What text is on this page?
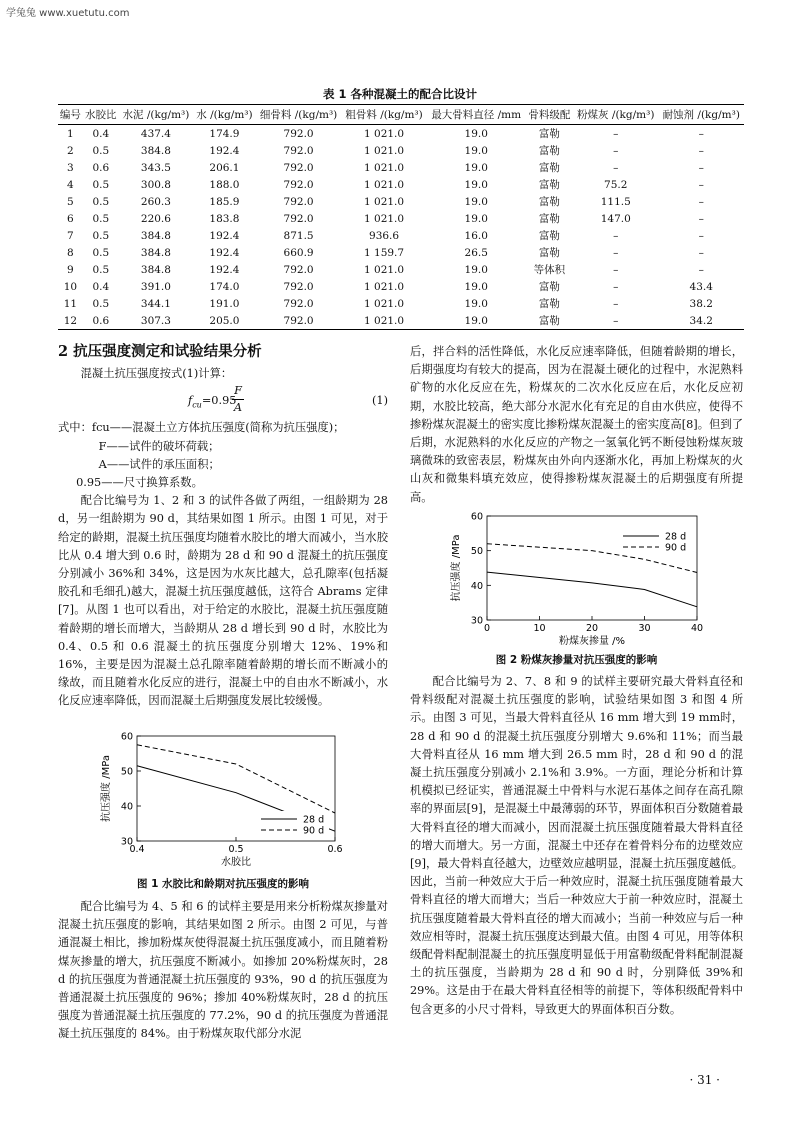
学兔兔 www.xuetutu.com
表 1 各种混凝土的配合比设计
编号	水胶比	水泥 /(kg/m³)	水 /(kg/m³)	细骨料 /(kg/m³)	粗骨料 /(kg/m³)	最大骨料直径 /mm	骨料级配	粉煤灰 /(kg/m³)	耐蚀剂 /(kg/m³)
1	0.4	437.4	174.9	792.0	1 021.0	19.0	富勒	–	–
2	0.5	384.8	192.4	792.0	1 021.0	19.0	富勒	–	–
3	0.6	343.5	206.1	792.0	1 021.0	19.0	富勒	–	–
4	0.5	300.8	188.0	792.0	1 021.0	19.0	富勒	75.2	–
5	0.5	260.3	185.9	792.0	1 021.0	19.0	富勒	111.5	–
6	0.5	220.6	183.8	792.0	1 021.0	19.0	富勒	147.0	–
7	0.5	384.8	192.4	871.5	936.6	16.0	富勒	–	–
8	0.5	384.8	192.4	660.9	1 159.7	26.5	富勒	–	–
9	0.5	384.8	192.4	792.0	1 021.0	19.0	等体积	–	–
10	0.4	391.0	174.0	792.0	1 021.0	19.0	富勒	–	43.4
11	0.5	344.1	191.0	792.0	1 021.0	19.0	富勒	–	38.2
12	0.6	307.3	205.0	792.0	1 021.0	19.0	富勒	–	34.2
2 抗压强度测定和试验结果分析

混凝土抗压强度按式(1)计算：

$f_{cu}=0.95$
F
A
(1)

式中：fcu——混凝土立方体抗压强度(简称为抗压强度)；

F——试件的破坏荷载；

A——试件的承压面积；

0.95——尺寸换算系数。

配合比编号为 1、2 和 3 的试件各做了两组，一组龄期为 28 d，另一组龄期为 90 d，其结果如图 1 所示。由图 1 可见，对于给定的龄期，混凝土抗压强度均随着水胶比的增大而减小，当水胶比从 0.4 增大到 0.6 时，龄期为 28 d 和 90 d 混凝土的抗压强度分别减小 36%和 34%，这是因为水灰比越大，总孔隙率(包括凝胶孔和毛细孔)越大，混凝土抗压强度越低，这符合 Abrams 定律[7]。从图 1 也可以看出，对于给定的水胶比，混凝土抗压强度随着龄期的增长而增大，当龄期从 28 d 增长到 90 d 时，水胶比为 0.4、0.5 和 0.6 混凝土的抗压强度分别增大 12%、19%和 16%，主要是因为混凝土总孔隙率随着龄期的增长而不断减小的缘故，而且随着水化反应的进行，混凝土中的自由水不断减小，水化反应速率降低，因而混凝土后期强度发展比较缓慢。

30
40
50
60
0.4	0.5	0.6
水胶比
抗压强度 /MPa	28 d
90 d
图 1 水胶比和龄期对抗压强度的影响

配合比编号为 4、5 和 6 的试样主要是用来分析粉煤灰掺量对混凝土抗压强度的影响，其结果如图 2 所示。由图 2 可见，与普通混凝土相比，掺加粉煤灰使得混凝土抗压强度减小，而且随着粉煤灰掺量的增大，抗压强度不断减小。如掺加 20%粉煤灰时，28 d 的抗压强度为普通混凝土抗压强度的 93%，90 d 的抗压强度为普通混凝土抗压强度的 96%；掺加 40%粉煤灰时，28 d 的抗压强度为普通混凝土抗压强度的 77.2%，90 d 的抗压强度为普通混凝土抗压强度的 84%。由于粉煤灰取代部分水泥

后，拌合料的活性降低，水化反应速率降低，但随着龄期的增长，后期强度均有较大的提高，因为在混凝土硬化的过程中，水泥熟料矿物的水化反应在先，粉煤灰的二次水化反应在后，水化反应初期，水胶比较高，绝大部分水泥水化有充足的自由水供应，使得不掺粉煤灰混凝土的密实度比掺粉煤灰混凝土的密实度高[8]。但到了后期，水泥熟料的水化反应的产物之一氢氧化钙不断侵蚀粉煤灰玻璃微珠的致密表层，粉煤灰由外向内逐渐水化，再加上粉煤灰的火山灰和微集料填充效应，使得掺粉煤灰混凝土的后期强度有所提高。

30
40
50
60
0	10	20	30	40
粉煤灰掺量 /%
抗压强度 /MPa	28 d
90 d
图 2 粉煤灰掺量对抗压强度的影响

配合比编号为 2、7、8 和 9 的试样主要研究最大骨料直径和骨料级配对混凝土抗压强度的影响，试验结果如图 3 和图 4 所示。由图 3 可见，当最大骨料直径从 16 mm 增大到 19 mm时，28 d 和 90 d 的混凝土抗压强度分别增大 9.6%和 11%；而当最大骨料直径从 16 mm 增大到 26.5 mm 时，28 d 和 90 d 的混凝土抗压强度分别减小 2.1%和 3.9%。一方面，理论分析和计算机模拟已经证实，普通混凝土中骨料与水泥石基体之间存在高孔隙率的界面层[9]，是混凝土中最薄弱的环节，界面体积百分数随着最大骨料直径的增大而减小，因而混凝土抗压强度随着最大骨料直径的增大而增大。另一方面，混凝土中还存在着骨料分布的边壁效应[9]，最大骨料直径越大，边壁效应越明显，混凝土抗压强度越低。因此，当前一种效应大于后一种效应时，混凝土抗压强度随着最大骨料直径的增大而增大；当后一种效应大于前一种效应时，混凝土抗压强度随着最大骨料直径的增大而减小；当前一种效应与后一种效应相等时，混凝土抗压强度达到最大值。由图 4 可见，用等体积级配骨料配制混凝土的抗压强度明显低于用富勒级配骨料配制混凝土的抗压强度，当龄期为 28 d 和 90 d 时，分别降低 39%和 29%。这是由于在最大骨料直径相等的前提下，等体积级配骨料中包含更多的小尺寸骨料，导致更大的界面体积百分数。

· 31 ·
